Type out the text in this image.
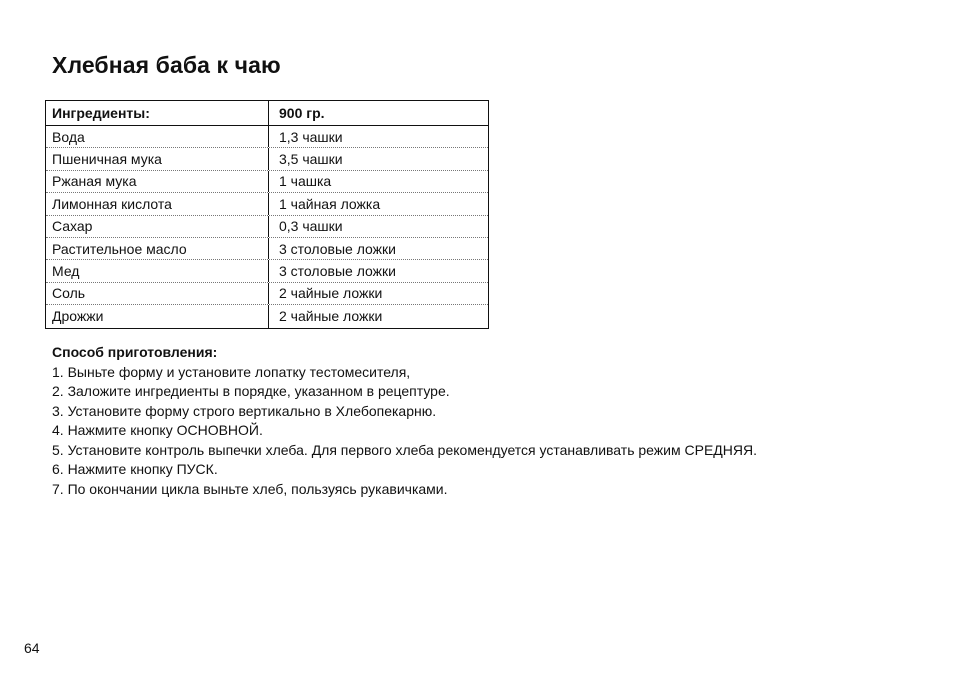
Хлебная баба к чаю
Ингредиенты:	900 гр.
Вода	1,3 чашки
Пшеничная мука	3,5 чашки
Ржаная мука	1 чашка
Лимонная кислота	1 чайная ложка
Сахар	0,3 чашки
Растительное масло	3 столовые ложки
Мед	3 столовые ложки
Соль	2 чайные ложки
Дрожжи	2 чайные ложки
Способ приготовления:
1. Выньте форму и установите лопатку тестомесителя,
2. Заложите ингредиенты в порядке, указанном в рецептуре.
3. Установите форму строго вертикально в Хлебопекарню.
4. Нажмите кнопку ОСНОВНОЙ.
5. Установите контроль выпечки хлеба. Для первого хлеба рекомендуется устанавливать режим СРЕДНЯЯ.
6. Нажмите кнопку ПУСК.
7. По окончании цикла выньте хлеб, пользуясь рукавичками.
64
